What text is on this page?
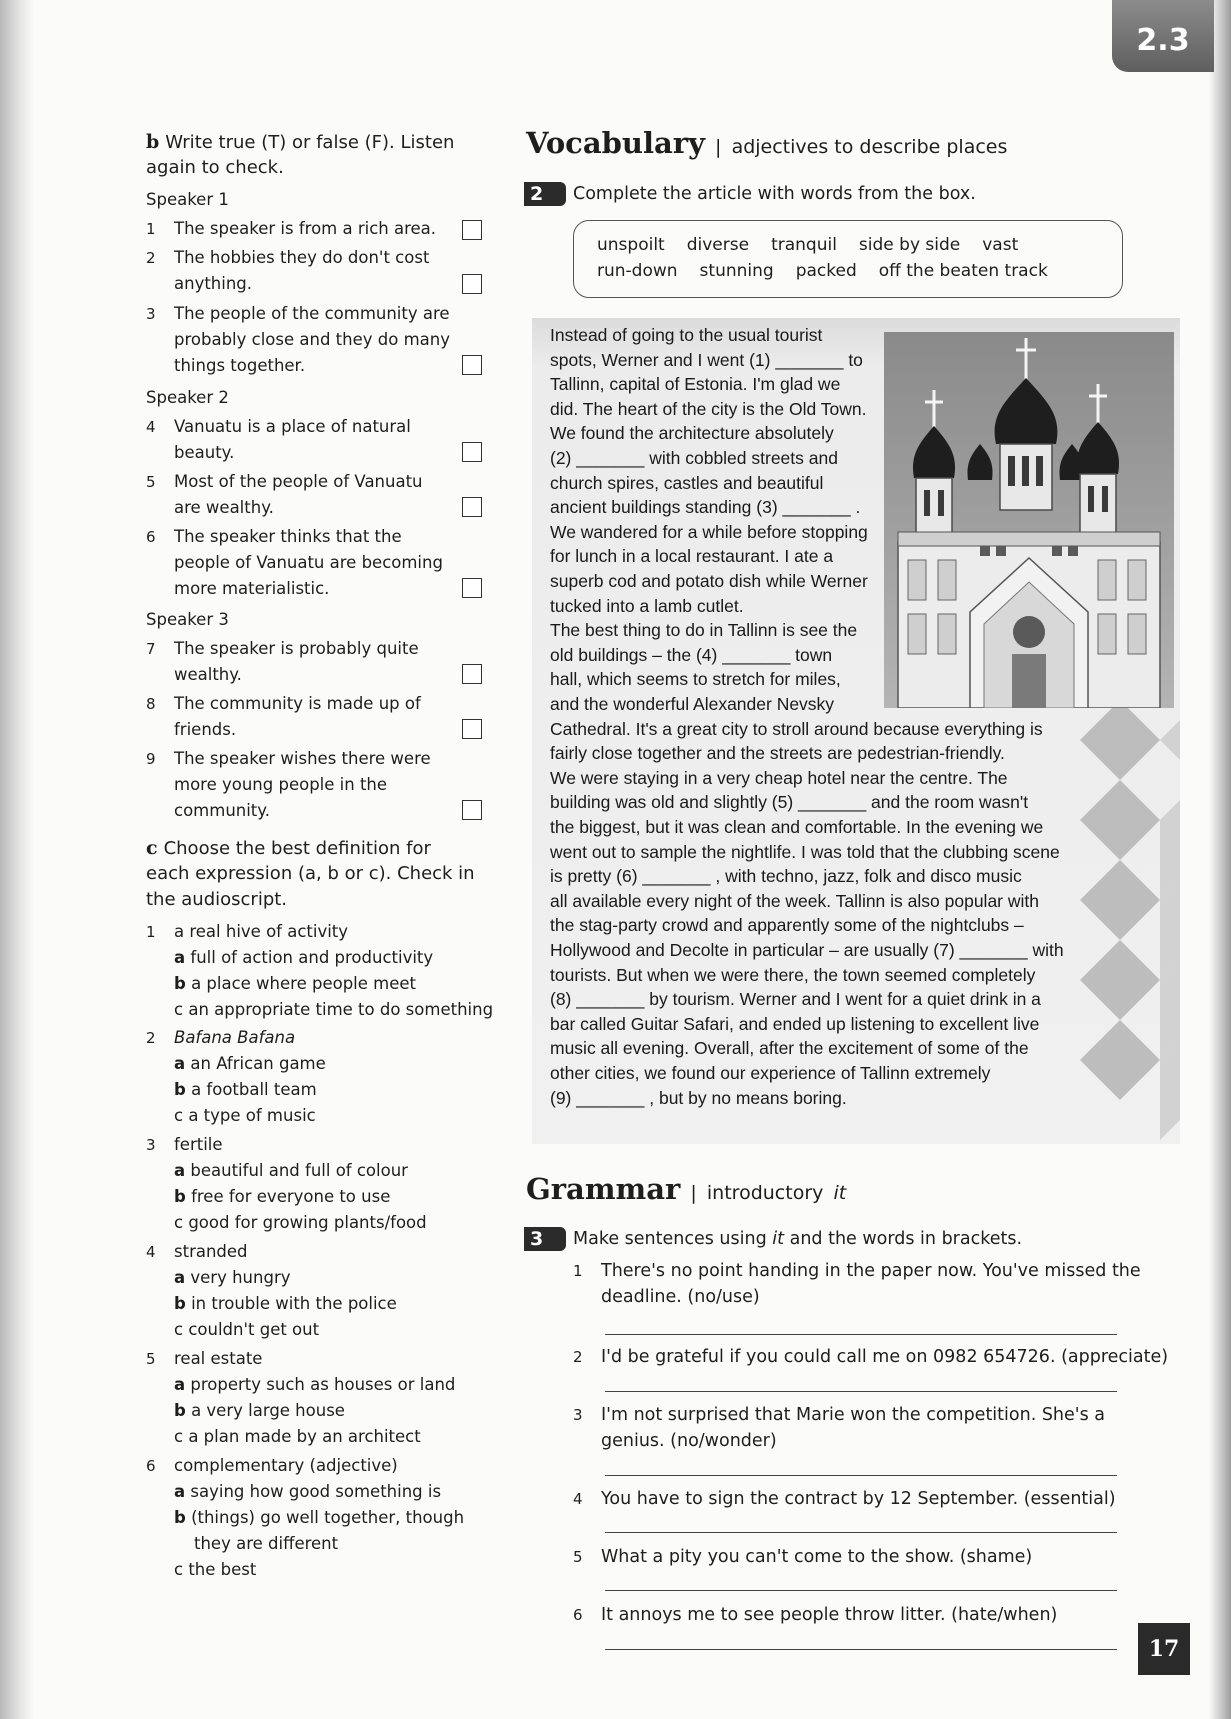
2.3
b Write true (T) or false (F). Listen
again to check.
Speaker 1
1 The speaker is from a rich area.
2 The hobbies they do don't cost
anything.
3 The people of the community are
probably close and they do many
things together.
Speaker 2
4 Vanuatu is a place of natural
beauty.
5 Most of the people of Vanuatu
are wealthy.
6 The speaker thinks that the
people of Vanuatu are becoming
more materialistic.
Speaker 3
7 The speaker is probably quite
wealthy.
8 The community is made up of
friends.
9 The speaker wishes there were
more young people in the
community.
c Choose the best definition for
each expression (a, b or c). Check in
the audioscript.
1 a real hive of activity
a full of action and productivity
b a place where people meet
c an appropriate time to do something
2 Bafana Bafana
a an African game
b a football team
c a type of music
3 fertile
a beautiful and full of colour
b free for everyone to use
c good for growing plants/food
4 stranded
a very hungry
b in trouble with the police
c couldn't get out
5 real estate
a property such as houses or land
b a very large house
c a plan made by an architect
6 complementary (adjective)
a saying how good something is
b (things) go well together, though
they are different
c the best
Vocabulary | adjectives to describe places
2	Complete the article with words from the box.
unspoilt diverse tranquil side by side vast
run-down stunning packed off the beaten track
Instead of going to the usual tourist
spots, Werner and I went (1) _______ to
Tallinn, capital of Estonia. I'm glad we
did. The heart of the city is the Old Town.
We found the architecture absolutely
(2) _______ with cobbled streets and
church spires, castles and beautiful
ancient buildings standing (3) _______ .
We wandered for a while before stopping
for lunch in a local restaurant. I ate a
superb cod and potato dish while Werner
tucked into a lamb cutlet.
The best thing to do in Tallinn is see the
old buildings – the (4) _______ town
hall, which seems to stretch for miles,
and the wonderful Alexander Nevsky
Cathedral. It's a great city to stroll around because everything is
fairly close together and the streets are pedestrian-friendly.
We were staying in a very cheap hotel near the centre. The
building was old and slightly (5) _______ and the room wasn't
the biggest, but it was clean and comfortable. In the evening we
went out to sample the nightlife. I was told that the clubbing scene
is pretty (6) _______ , with techno, jazz, folk and disco music
all available every night of the week. Tallinn is also popular with
the stag-party crowd and apparently some of the nightclubs –
Hollywood and Decolte in particular – are usually (7) _______ with
tourists. But when we were there, the town seemed completely
(8) _______ by tourism. Werner and I went for a quiet drink in a
bar called Guitar Safari, and ended up listening to excellent live
music all evening. Overall, after the excitement of some of the
other cities, we found our experience of Tallinn extremely
(9) _______ , but by no means boring.
Grammar | introductory it
3	Make sentences using it and the words in brackets.
1 There's no point handing in the paper now. You've missed the
deadline. (no/use)
2 I'd be grateful if you could call me on 0982 654726. (appreciate)
3 I'm not surprised that Marie won the competition. She's a
genius. (no/wonder)
4 You have to sign the contract by 12 September. (essential)
5 What a pity you can't come to the show. (shame)
6 It annoys me to see people throw litter. (hate/when)
17
